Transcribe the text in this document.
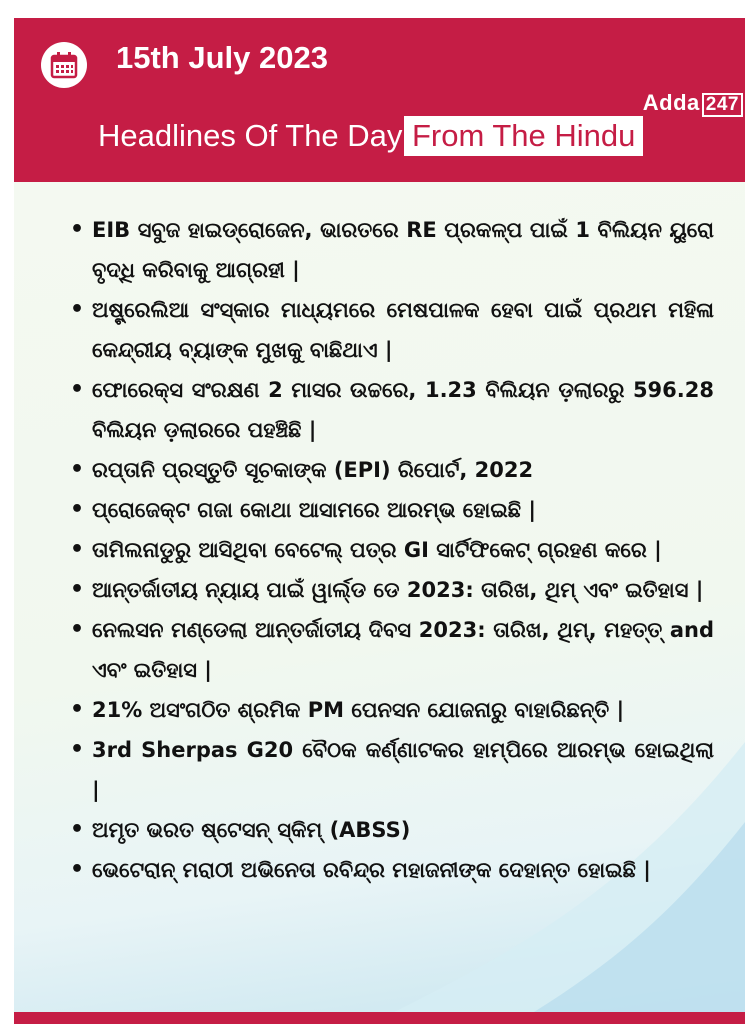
15th July 2023
Adda 247
Headlines Of The Day From The Hindu
• EIB ସବୁଜ ହାଇଡ୍ରୋଜେନ, ଭାରତରେ RE ପ୍ରକଳ୍ପ ପାଇଁ 1 ବିଲିୟନ ୟୁରୋ ବୃଦ୍ଧି କରିବାକୁ ଆଗ୍ରହୀ |
• ଅଷ୍ଟ୍ରେଲିଆ ସଂସ୍କାର ମାଧ୍ୟମରେ ମେଷପାଳକ ହେବା ପାଇଁ ପ୍ରଥମ ମହିଳା କେନ୍ଦ୍ରୀୟ ବ୍ୟାଙ୍କ ମୁଖକୁ ବାଛିଥାଏ |
• ଫୋରେକ୍ସ ସଂରକ୍ଷଣ 2 ମାସର ଉଚ୍ଚରେ, 1.23 ବିଲିୟନ ଡ଼ଲାରରୁ 596.28 ବିଲିୟନ ଡ଼ଲାରରେ ପହଞ୍ଚିଛି |
• ରପ୍ତାନି ପ୍ରସ୍ତୁତି ସୂଚକାଙ୍କ (EPI) ରିପୋର୍ଟ, 2022
• ପ୍ରୋଜେକ୍ଟ ଗଜା କୋଥା ଆସାମରେ ଆରମ୍ଭ ହୋଇଛି |
• ତାମିଲନାଡୁରୁ ଆସିଥିବା ବେଟେଲ୍ ପତ୍ର GI ସାର୍ଟିଫିକେଟ୍ ଗ୍ରହଣ କରେ |
• ଆନ୍ତର୍ଜାତୀୟ ନ୍ୟାୟ ପାଇଁ ୱାର୍ଲ୍ଡ ଡେ 2023: ତାରିଖ, ଥିମ୍ ଏବଂ ଇତିହାସ |
• ନେଲସନ ମଣ୍ଡେଲା ଆନ୍ତର୍ଜାତୀୟ ଦିବସ 2023: ତାରିଖ, ଥିମ୍, ମହତ୍ତ୍ and ଏବଂ ଇତିହାସ |
• 21% ଅସଂଗଠିତ ଶ୍ରମିକ PM ପେନସନ ଯୋଜନାରୁ ବାହାରିଛନ୍ତି |
• 3rd Sherpas G20 ବୈଠକ କର୍ଣ୍ଣାଟକର ହାମ୍ପିରେ ଆରମ୍ଭ ହୋଇଥିଲା |
• ଅମୃତ ଭରତ ଷ୍ଟେସନ୍ ସ୍କିମ୍ (ABSS)
• ଭେଟେରାନ୍ ମରାଠୀ ଅଭିନେତା ରବିନ୍ଦ୍ର ମହାଜନୀଙ୍କ ଦେହାନ୍ତ ହୋଇଛି |
